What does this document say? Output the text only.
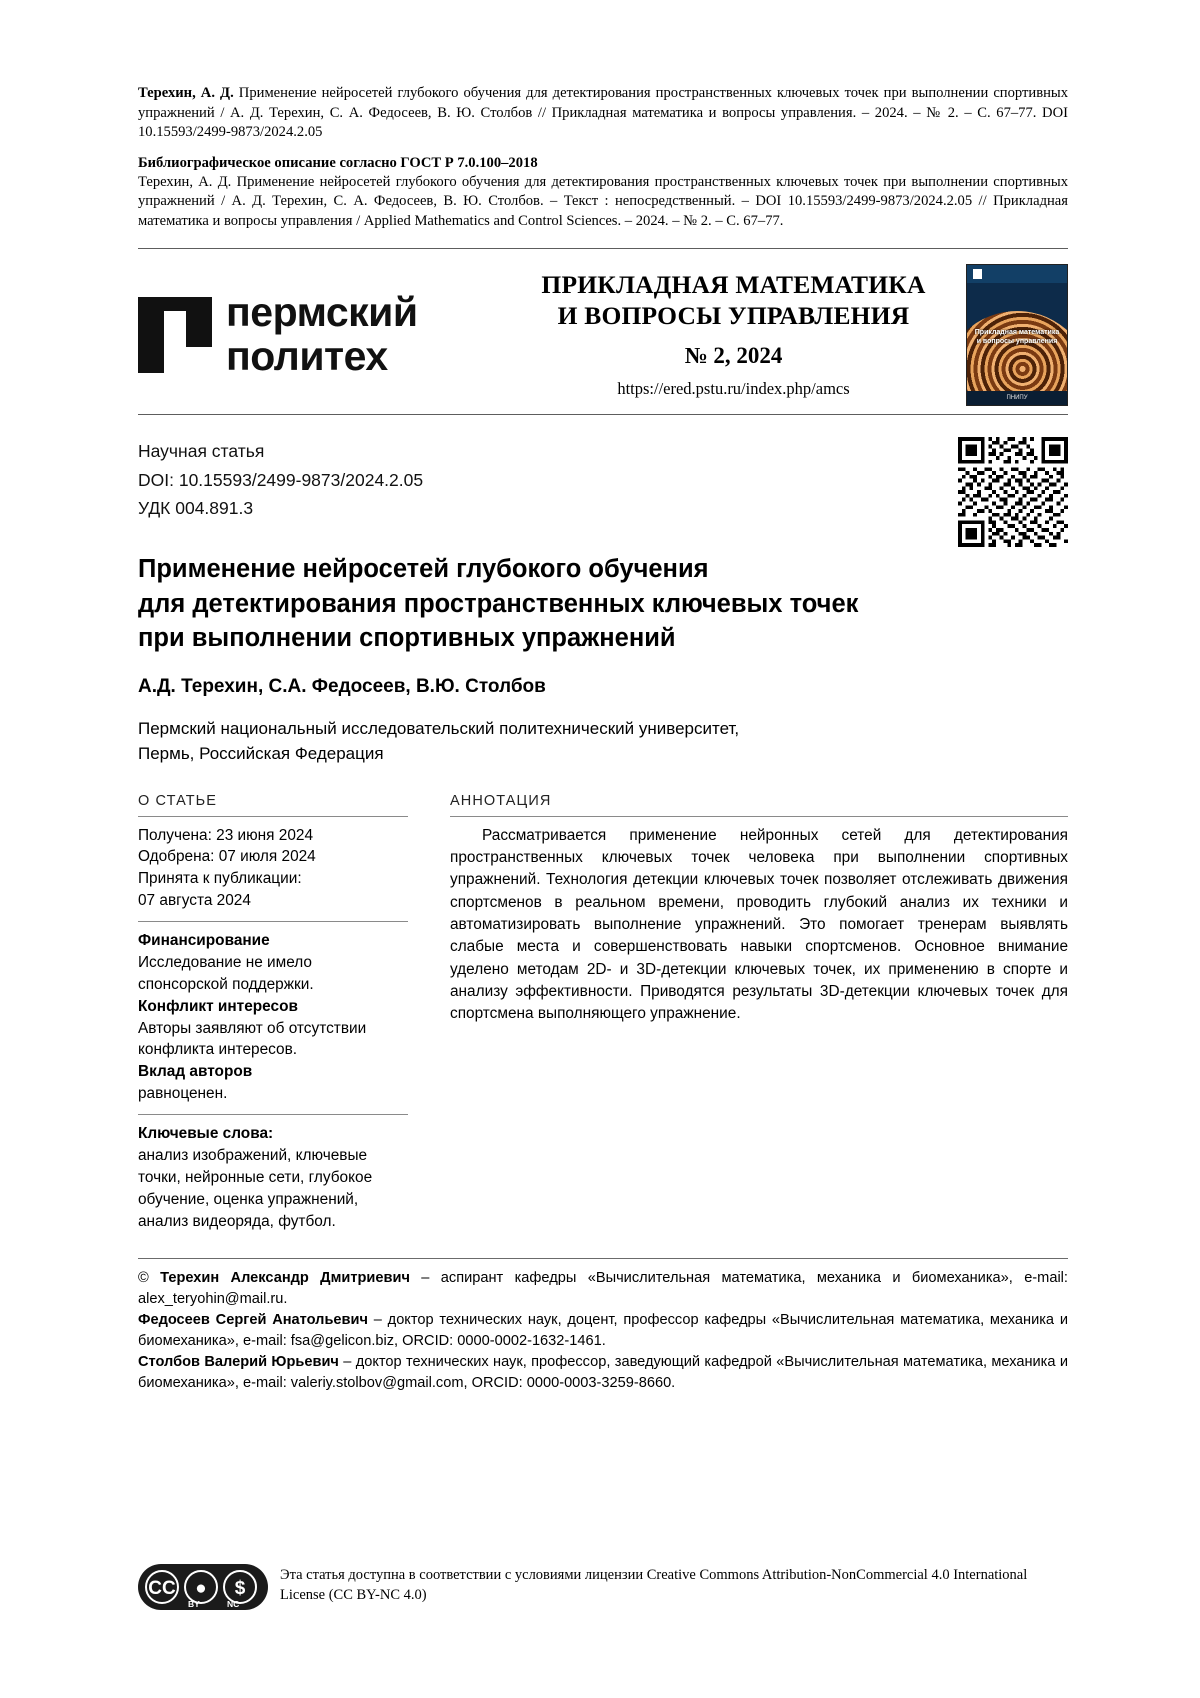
Терехин, А. Д. Применение нейросетей глубокого обучения для детектирования пространственных ключевых точек при выполнении спортивных упражнений / А. Д. Терехин, С. А. Федосеев, В. Ю. Столбов // Прикладная математика и вопросы управления. – 2024. – № 2. – С. 67–77. DOI 10.15593/2499-9873/2024.2.05
Библиографическое описание согласно ГОСТ Р 7.0.100–2018
Терехин, А. Д. Применение нейросетей глубокого обучения для детектирования пространственных ключевых точек при выполнении спортивных упражнений / А. Д. Терехин, С. А. Федосеев, В. Ю. Столбов. – Текст : непосредственный. – DOI 10.15593/2499-9873/2024.2.05 // Прикладная математика и вопросы управления / Applied Mathematics and Control Sciences. – 2024. – № 2. – С. 67–77.
пермский
политех
ПРИКЛАДНАЯ МАТЕМАТИКА
И ВОПРОСЫ УПРАВЛЕНИЯ
№ 2, 2024
https://ered.pstu.ru/index.php/amcs
Прикладная математика и вопросы управления
ПНИПУ
Научная статья
DOI: 10.15593/2499-9873/2024.2.05
УДК 004.891.3
Применение нейросетей глубокого обучения
для детектирования пространственных ключевых точек
при выполнении спортивных упражнений
А.Д. Терехин, С.А. Федосеев, В.Ю. Столбов
Пермский национальный исследовательский политехнический университет,
Пермь, Российская Федерация
О СТАТЬЕ
Получена: 23 июня 2024
Одобрена: 07 июля 2024
Принята к публикации:
07 августа 2024
Финансирование
Исследование не имело
спонсорской поддержки.
Конфликт интересов
Авторы заявляют об отсутствии
конфликта интересов.
Вклад авторов
равноценен.
Ключевые слова:
анализ изображений, ключевые
точки, нейронные сети, глубокое
обучение, оценка упражнений,
анализ видеоряда, футбол.
АННОТАЦИЯ
Рассматривается применение нейронных сетей для детектирования пространственных ключевых точек человека при выполнении спортивных упражнений. Технология детекции ключевых точек позволяет отслеживать движения спортсменов в реальном времени, проводить глубокий анализ их техники и автоматизировать выполнение упражнений. Это помогает тренерам выявлять слабые места и совершенствовать навыки спортсменов. Основное внимание уделено методам 2D- и 3D-детекции ключевых точек, их применению в спорте и анализу эффективности. Приводятся результаты 3D-детекции ключевых точек для спортсмена выполняющего упражнение.

© Терехин Александр Дмитриевич – аспирант кафедры «Вычислительная математика, механика и биомеханика», e-mail: alex_teryohin@mail.ru.

Федосеев Сергей Анатольевич – доктор технических наук, доцент, профессор кафедры «Вычислительная математика, механика и биомеханика», e-mail: fsa@gelicon.biz, ORCID: 0000-0002-1632-1461.

Столбов Валерий Юрьевич – доктор технических наук, профессор, заведующий кафедрой «Вычислительная математика, механика и биомеханика», e-mail: valeriy.stolbov@gmail.com, ORCID: 0000-0003-3259-8660.

CC	●	$
BY	NC
Эта статья доступна в соответствии с условиями лицензии Creative Commons Attribution-NonCommercial 4.0 International License (CC BY-NC 4.0)
